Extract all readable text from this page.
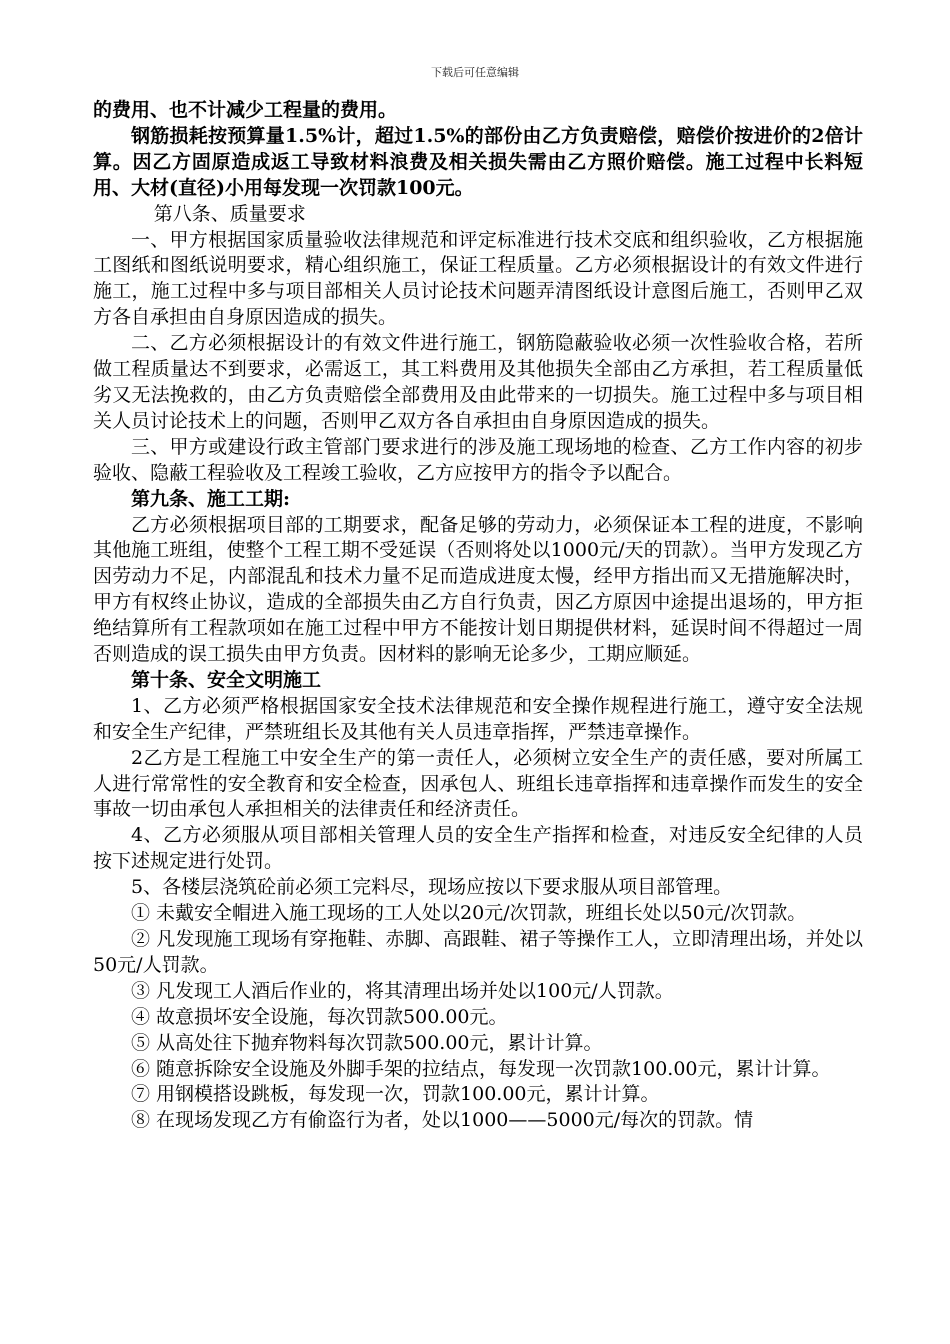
下载后可任意编辑

的费用、也不计减少工程量的费用。

钢筋损耗按预算量1.5%计，超过1.5%的部份由乙方负责赔偿，赔偿价按进价的2倍计算。因乙方固原造成返工导致材料浪费及相关损失需由乙方照价赔偿。施工过程中长料短用、大材(直径)小用每发现一次罚款100元。

第八条、质量要求

一、甲方根据国家质量验收法律规范和评定标准进行技术交底和组织验收，乙方根据施工图纸和图纸说明要求，精心组织施工，保证工程质量。乙方必须根据设计的有效文件进行施工，施工过程中多与项目部相关人员讨论技术问题弄清图纸设计意图后施工，否则甲乙双方各自承担由自身原因造成的损失。

二、乙方必须根据设计的有效文件进行施工，钢筋隐蔽验收必须一次性验收合格，若所做工程质量达不到要求，必需返工，其工料费用及其他损失全部由乙方承担，若工程质量低劣又无法挽救的，由乙方负责赔偿全部费用及由此带来的一切损失。施工过程中多与项目相关人员讨论技术上的问题，否则甲乙双方各自承担由自身原因造成的损失。

三、甲方或建设行政主管部门要求进行的涉及施工现场地的检查、乙方工作内容的初步验收、隐蔽工程验收及工程竣工验收，乙方应按甲方的指令予以配合。

第九条、施工工期:

乙方必须根据项目部的工期要求，配备足够的劳动力，必须保证本工程的进度，不影响其他施工班组，使整个工程工期不受延误（否则将处以1000元/天的罚款）。当甲方发现乙方因劳动力不足，内部混乱和技术力量不足而造成进度太慢，经甲方指出而又无措施解决时，甲方有权终止协议，造成的全部损失由乙方自行负责，因乙方原因中途提出退场的，甲方拒绝结算所有工程款项如在施工过程中甲方不能按计划日期提供材料，延误时间不得超过一周否则造成的误工损失由甲方负责。因材料的影响无论多少，工期应顺延。

第十条、安全文明施工

1、乙方必须严格根据国家安全技术法律规范和安全操作规程进行施工，遵守安全法规和安全生产纪律，严禁班组长及其他有关人员违章指挥，严禁违章操作。

2乙方是工程施工中安全生产的第一责任人，必须树立安全生产的责任感，要对所属工人进行常常性的安全教育和安全检查，因承包人、班组长违章指挥和违章操作而发生的安全事故一切由承包人承担相关的法律责任和经济责任。

4、乙方必须服从项目部相关管理人员的安全生产指挥和检查，对违反安全纪律的人员按下述规定进行处罚。

5、各楼层浇筑砼前必须工完料尽，现场应按以下要求服从项目部管理。

① 未戴安全帽进入施工现场的工人处以20元/次罚款，班组长处以50元/次罚款。

② 凡发现施工现场有穿拖鞋、赤脚、高跟鞋、裙子等操作工人，立即清理出场，并处以50元/人罚款。

③ 凡发现工人酒后作业的，将其清理出场并处以100元/人罚款。

④ 故意损坏安全设施，每次罚款500.00元。

⑤ 从高处往下抛弃物料每次罚款500.00元，累计计算。

⑥ 随意拆除安全设施及外脚手架的拉结点，每发现一次罚款100.00元，累计计算。

⑦ 用钢模搭设跳板，每发现一次，罚款100.00元，累计计算。

⑧ 在现场发现乙方有偷盗行为者，处以1000——5000元/每次的罚款。情
